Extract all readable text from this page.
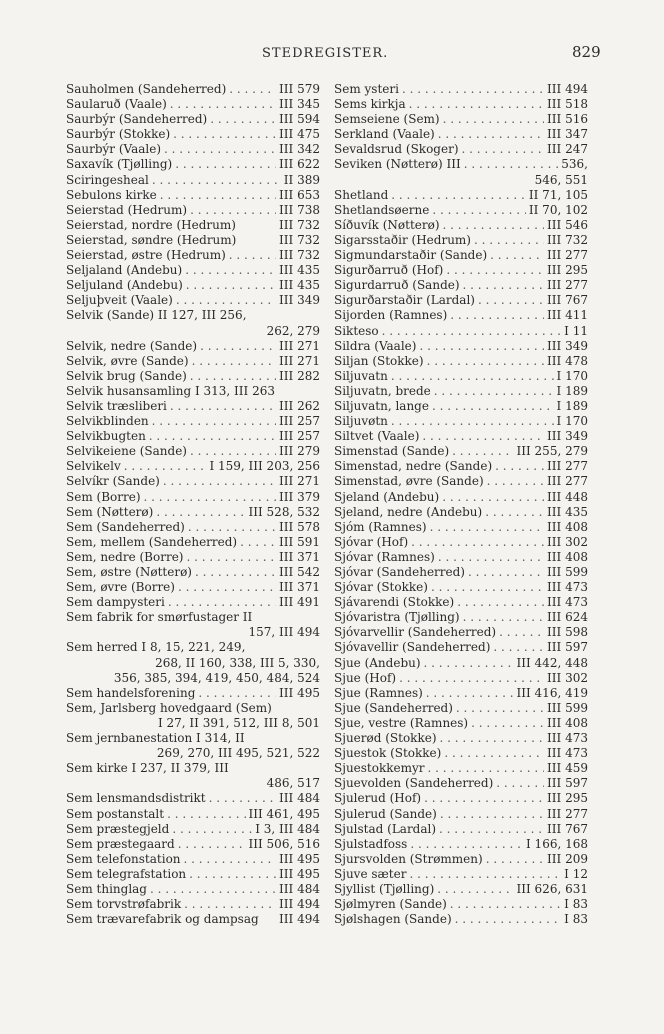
STEDREGISTER.	829
Sauholmen (Sandeherred) . . .	III 579
Saularuð (Vaale) . . .	III 345
Saurbýr (Sandeherred) . . .	III 594
Saurbýr (Stokke) . . .	III 475
Saurbýr (Vaale) . . .	III 342
Saxavík (Tjølling) . . .	III 622
Sciringesheal . . .	II 389
Sebulons kirke . . .	III 653
Seierstad (Hedrum) . . .	III 738
Seierstad, nordre (Hedrum)	III 732
Seierstad, søndre (Hedrum)	III 732
Seierstad, østre (Hedrum) . . .	III 732
Seljaland (Andebu) . . .	III 435
Seljuland (Andebu) . . .	III 435
Seljuþveit (Vaale) . . .	III 349
Selvik (Sande) II 127, III 256,
262, 279
Selvik, nedre (Sande) . . .	III 271
Selvik, øvre (Sande) . . .	III 271
Selvik brug (Sande) . . .	III 282
Selvik husansamling I 313, III 263
Selvik træsliberi . . .	III 262
Selvikblinden . . .	III 257
Selvikbugten . . .	III 257
Selvikeiene (Sande) . . .	III 279
Selvikelv . . .	I 159, III 203, 256
Selvíkr (Sande) . . .	III 271
Sem (Borre) . . .	III 379
Sem (Nøtterø) . . .	III 528, 532
Sem (Sandeherred) . . .	III 578
Sem, mellem (Sandeherred) . . .	III 591
Sem, nedre (Borre) . . .	III 371
Sem, østre (Nøtterø) . . .	III 542
Sem, øvre (Borre) . . .	III 371
Sem dampysteri . . .	III 491
Sem fabrik for smørfustager II
157, III 494
Sem herred I 8, 15, 221, 249,
268, II 160, 338, III 5, 330,
356, 385, 394, 419, 450, 484, 524
Sem handelsforening . . .	III 495
Sem, Jarlsberg hovedgaard (Sem)
I 27, II 391, 512, III 8, 501
Sem jernbanestation I 314, II
269, 270, III 495, 521, 522
Sem kirke I 237, II 379, III
486, 517
Sem lensmandsdistrikt . . .	III 484
Sem postanstalt . . .	III 461, 495
Sem præstegjeld . . .	I 3, III 484
Sem præstegaard . . .	III 506, 516
Sem telefonstation . . .	III 495
Sem telegrafstation . . .	III 495
Sem thinglag . . .	III 484
Sem torvstrøfabrik . . .	III 494
Sem trævarefabrik og dampsag III 494
Sem ysteri . . .	III 494
Sems kirkja . . .	III 518
Semseiene (Sem) . . .	III 516
Serkland (Vaale) . . .	III 347
Sevaldsrud (Skoger) . . .	III 247
Seviken (Nøtterø) III . . .	536,
546, 551
Shetland . . .	II 71, 105
Shetlandsøerne . . .	II 70, 102
Síðuvík (Nøtterø) . . .	III 546
Sigarsstaðir (Hedrum) . . .	III 732
Sigmundarstaðir (Sande) . . .	III 277
Sigurðarruð (Hof) . . .	III 295
Sigurdarruð (Sande) . . .	III 277
Sigurðarstaðir (Lardal) . . .	III 767
Sijorden (Ramnes) . . .	III 411
Sikteso . . .	I 11
Sildra (Vaale) . . .	III 349
Siljan (Stokke) . . .	III 478
Siljuvatn . . .	I 170
Siljuvatn, brede . . .	I 189
Siljuvatn, lange . . .	I 189
Siljuvøtn . . .	I 170
Siltvet (Vaale) . . .	III 349
Simenstad (Sande) . . .	III 255, 279
Simenstad, nedre (Sande) . . .	III 277
Simenstad, øvre (Sande) . . .	III 277
Sjeland (Andebu) . . .	III 448
Sjeland, nedre (Andebu) . . .	III 435
Sjóm (Ramnes) . . .	III 408
Sjóvar (Hof) . . .	III 302
Sjóvar (Ramnes) . . .	III 408
Sjóvar (Sandeherred) . . .	III 599
Sjóvar (Stokke) . . .	III 473
Sjávarendi (Stokke) . . .	III 473
Sjóvaristra (Tjølling) . . .	III 624
Sjóvarvellir (Sandeherred) . . .	III 598
Sjóvavellir (Sandeherred) . . .	III 597
Sjue (Andebu) . . .	III 442, 448
Sjue (Hof) . . .	III 302
Sjue (Ramnes) . . .	III 416, 419
Sjue (Sandeherred) . . .	III 599
Sjue, vestre (Ramnes) . . .	III 408
Sjuerød (Stokke) . . .	III 473
Sjuestok (Stokke) . . .	III 473
Sjuestokkemyr . . .	III 459
Sjuevolden (Sandeherred) . . .	III 597
Sjulerud (Hof) . . .	III 295
Sjulerud (Sande) . . .	III 277
Sjulstad (Lardal) . . .	III 767
Sjulstadfoss . . .	I 166, 168
Sjursvolden (Strømmen) . . .	III 209
Sjuve sæter . . .	I 12
Sjyllist (Tjølling) . . .	III 626, 631
Sjølmyren (Sande) . . .	I 83
Sjølshagen (Sande) . . .	I 83
